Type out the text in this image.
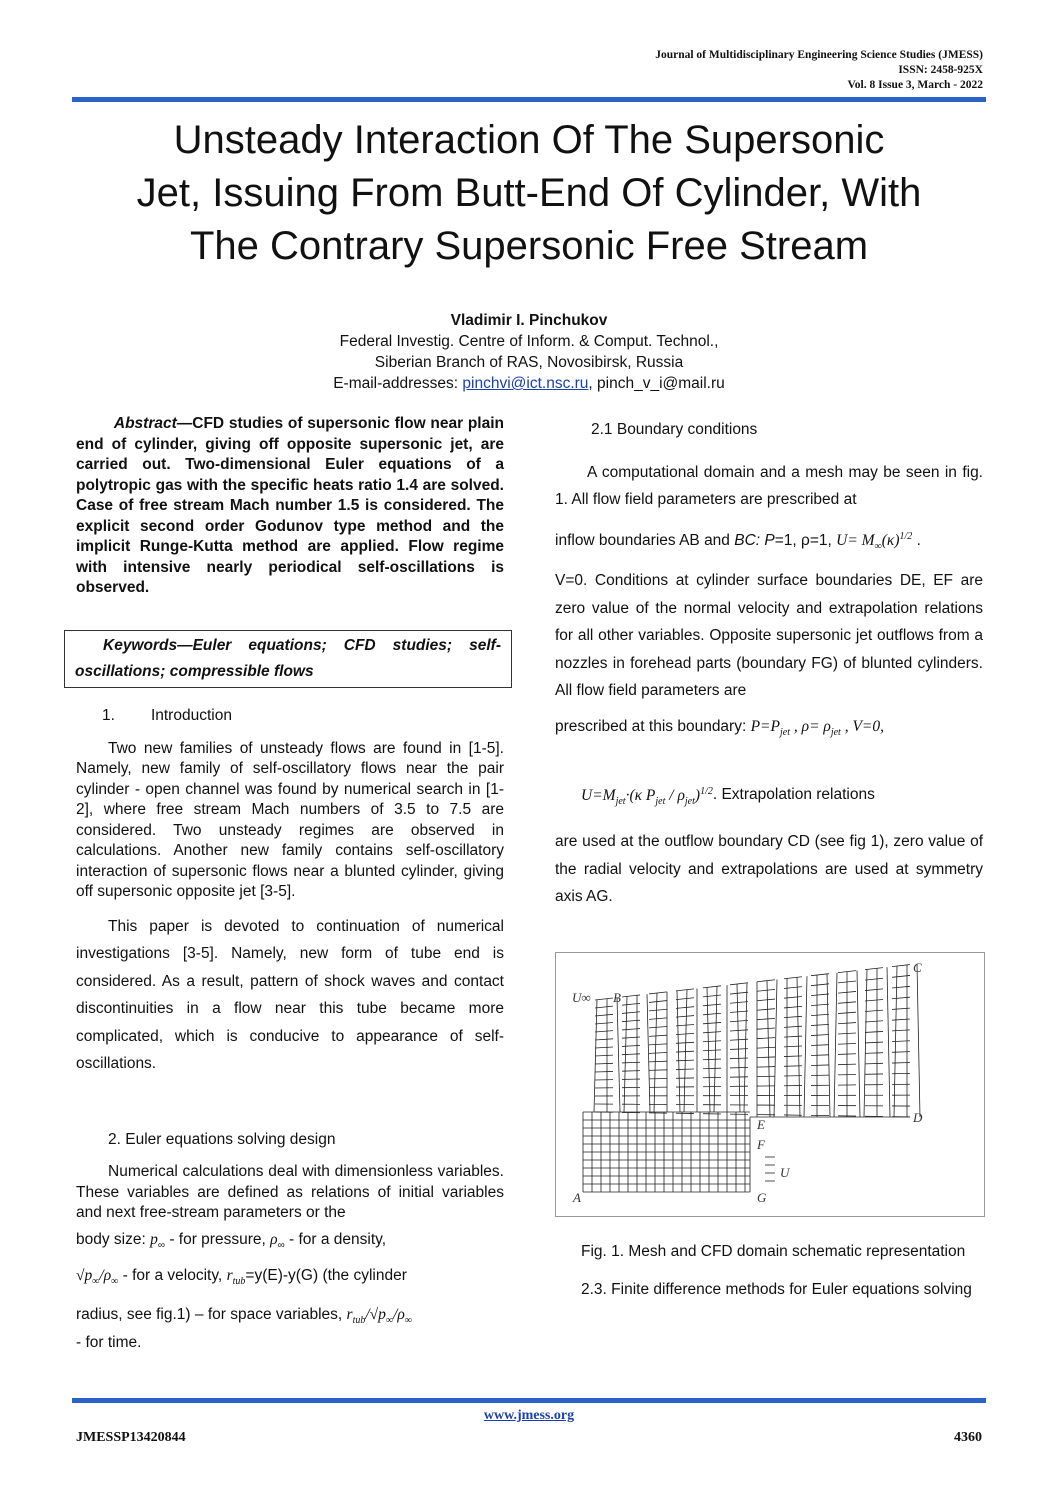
Journal of Multidisciplinary Engineering Science Studies (JMESS)
ISSN: 2458-925X
Vol. 8 Issue 3, March - 2022
Unsteady Interaction Of The Supersonic
Jet, Issuing From Butt-End Of Cylinder, With
The Contrary Supersonic Free Stream
Vladimir I. Pinchukov
Federal Investig. Centre of Inform. & Comput. Technol.,
Siberian Branch of RAS, Novosibirsk, Russia
E-mail-addresses: pinchvi@ict.nsc.ru, pinch_v_i@mail.ru
Abstract—CFD studies of supersonic flow near plain end of cylinder, giving off opposite supersonic jet, are carried out. Two-dimensional Euler equations of a polytropic gas with the specific heats ratio 1.4 are solved. Case of free stream Mach number 1.5 is considered. The explicit second order Godunov type method and the implicit Runge-Kutta method are applied. Flow regime with intensive nearly periodical self-oscillations is observed.
Keywords—Euler equations; CFD studies; self-oscillations; compressible flows
1. Introduction

Two new families of unsteady flows are found in [1-5]. Namely, new family of self-oscillatory flows near the pair cylinder - open channel was found by numerical search in [1-2], where free stream Mach numbers of 3.5 to 7.5 are considered. Two unsteady regimes are observed in calculations. Another new family contains self-oscillatory interaction of supersonic flows near a blunted cylinder, giving off supersonic opposite jet [3-5].

This paper is devoted to continuation of numerical investigations [3-5]. Namely, new form of tube end is considered. As a result, pattern of shock waves and contact discontinuities in a flow near this tube became more complicated, which is conducive to appearance of self-oscillations.

2. Euler equations solving design

Numerical calculations deal with dimensionless variables. These variables are defined as relations of initial variables and next free-stream parameters or the

body size: $p_\infty$ - for pressure, $\rho_\infty$ - for a density,
$√p_\infty/\rho_\infty$ - for a velocity, $r_{tub}=y(E)-y(G)$ (the cylinder
radius, see fig.1) – for space variables, $r_{tub}/√p_\infty/\rho_\infty$
- for time.
2.1 Boundary conditions

A computational domain and a mesh may be seen in fig. 1. All flow field parameters are prescribed at

inflow boundaries AB and BC: P=1, ρ=1, $U= M_\infty(\kappa)^{1/2}$ .

V=0. Conditions at cylinder surface boundaries DE, EF are zero value of the normal velocity and extrapolation relations for all other variables. Opposite supersonic jet outflows from a nozzles in forehead parts (boundary FG) of blunted cylinders. All flow field parameters are

prescribed at this boundary: $P=P_{jet}$ , $\rho= \rho_{jet}$ , V=0,
$U=M_{jet}\cdot(\kappa$ $P_{jet} / \rho_{jet})^{1/2}$. Extrapolation relations

are used at the outflow boundary CD (see fig 1), zero value of the radial velocity and extrapolations are used at symmetry axis AG.

C
U∞ B
D
E
F
U
A	G
Fig. 1. Mesh and CFD domain schematic representation
2.3. Finite difference methods for Euler equations solving
www.jmess.org
JMESSP13420844	4360
